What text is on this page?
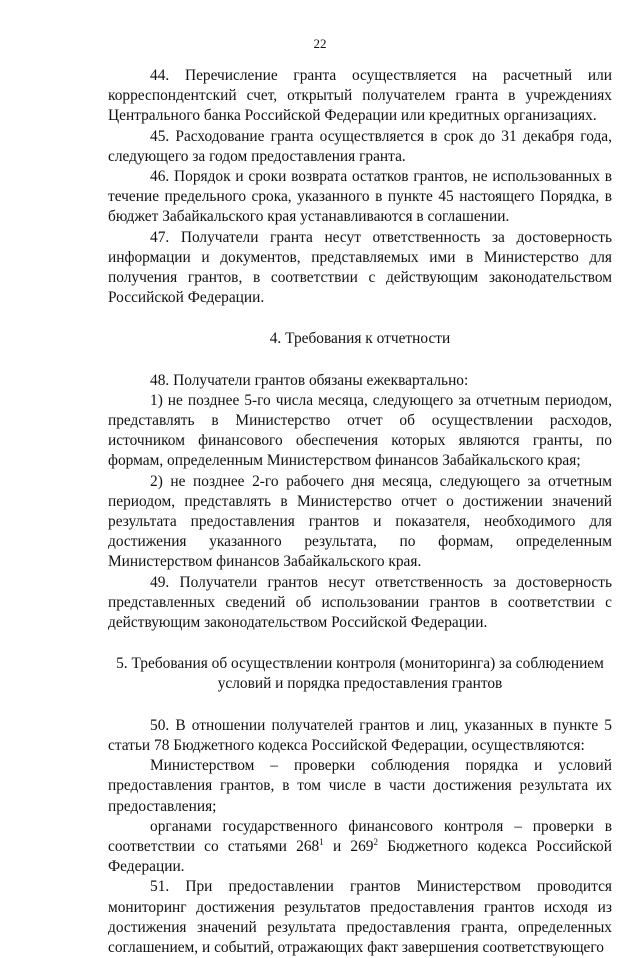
22

44. Перечисление гранта осуществляется на расчетный или корреспондентский счет, открытый получателем гранта в учреждениях Центрального банка Российской Федерации или кредитных организациях.

45. Расходование гранта осуществляется в срок до 31 декабря года, следующего за годом предоставления гранта.

46. Порядок и сроки возврата остатков грантов, не использованных в течение предельного срока, указанного в пункте 45 настоящего Порядка, в бюджет Забайкальского края устанавливаются в соглашении.

47. Получатели гранта несут ответственность за достоверность информации и документов, представляемых ими в Министерство для получения грантов, в соответствии с действующим законодательством Российской Федерации.

4. Требования к отчетности

48. Получатели грантов обязаны ежеквартально:

1) не позднее 5-го числа месяца, следующего за отчетным периодом, представлять в Министерство отчет об осуществлении расходов, источником финансового обеспечения которых являются гранты, по формам, определенным Министерством финансов Забайкальского края;

2) не позднее 2-го рабочего дня месяца, следующего за отчетным периодом, представлять в Министерство отчет о достижении значений результата предоставления грантов и показателя, необходимого для достижения указанного результата, по формам, определенным Министерством финансов Забайкальского края.

49. Получатели грантов несут ответственность за достоверность представленных сведений об использовании грантов в соответствии с действующим законодательством Российской Федерации.

5. Требования об осуществлении контроля (мониторинга) за соблюдением
условий и порядка предоставления грантов

50. В отношении получателей грантов и лиц, указанных в пункте 5 статьи 78 Бюджетного кодекса Российской Федерации, осуществляются:

Министерством – проверки соблюдения порядка и условий предоставления грантов, в том числе в части достижения результата их предоставления;

органами государственного финансового контроля – проверки в соответствии со статьями $268^1$ и $269^2$ Бюджетного кодекса Российской Федерации.

51. При предоставлении грантов Министерством проводится мониторинг достижения результатов предоставления грантов исходя из достижения значений результата предоставления гранта, определенных соглашением, и событий, отражающих факт завершения соответствующего
